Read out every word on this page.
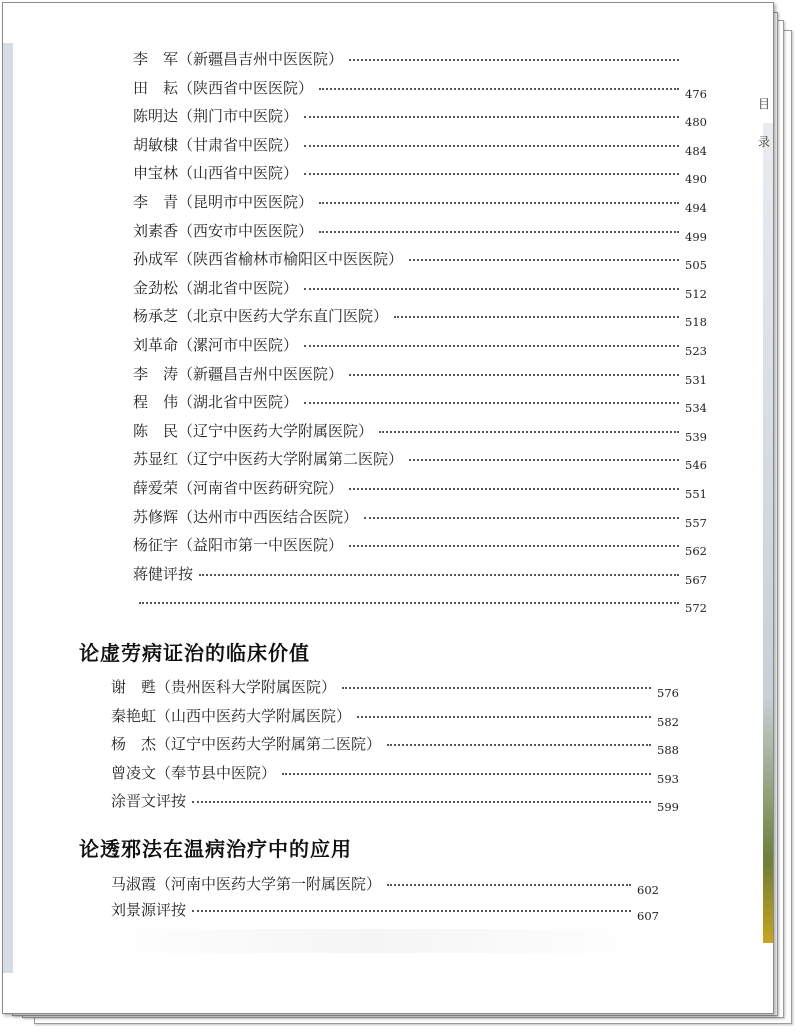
目
录
李　军（新疆昌吉州中医医院）
田　耘（陕西省中医医院）	476
陈明达（荆门市中医院）	480
胡敏棣（甘肃省中医院）	484
申宝林（山西省中医院）	490
李　青（昆明市中医医院）	494
刘素香（西安市中医医院）	499
孙成军（陕西省榆林市榆阳区中医医院）	505
金劲松（湖北省中医院）	512
杨承芝（北京中医药大学东直门医院）	518
刘革命（漯河市中医院）	523
李　涛（新疆昌吉州中医医院）	531
程　伟（湖北省中医院）	534
陈　民（辽宁中医药大学附属医院）	539
苏显红（辽宁中医药大学附属第二医院）	546
薛爱荣（河南省中医药研究院）	551
苏修辉（达州市中西医结合医院）	557
杨征宇（益阳市第一中医医院）	562
蒋健评按	567
572
论虚劳病证治的临床价值
谢　甦（贵州医科大学附属医院）	576
秦艳虹（山西中医药大学附属医院）	582
杨　杰（辽宁中医药大学附属第二医院）	588
曾凌文（奉节县中医院）	593
涂晋文评按	599
论透邪法在温病治疗中的应用
马淑霞（河南中医药大学第一附属医院）	602
刘景源评按	607
